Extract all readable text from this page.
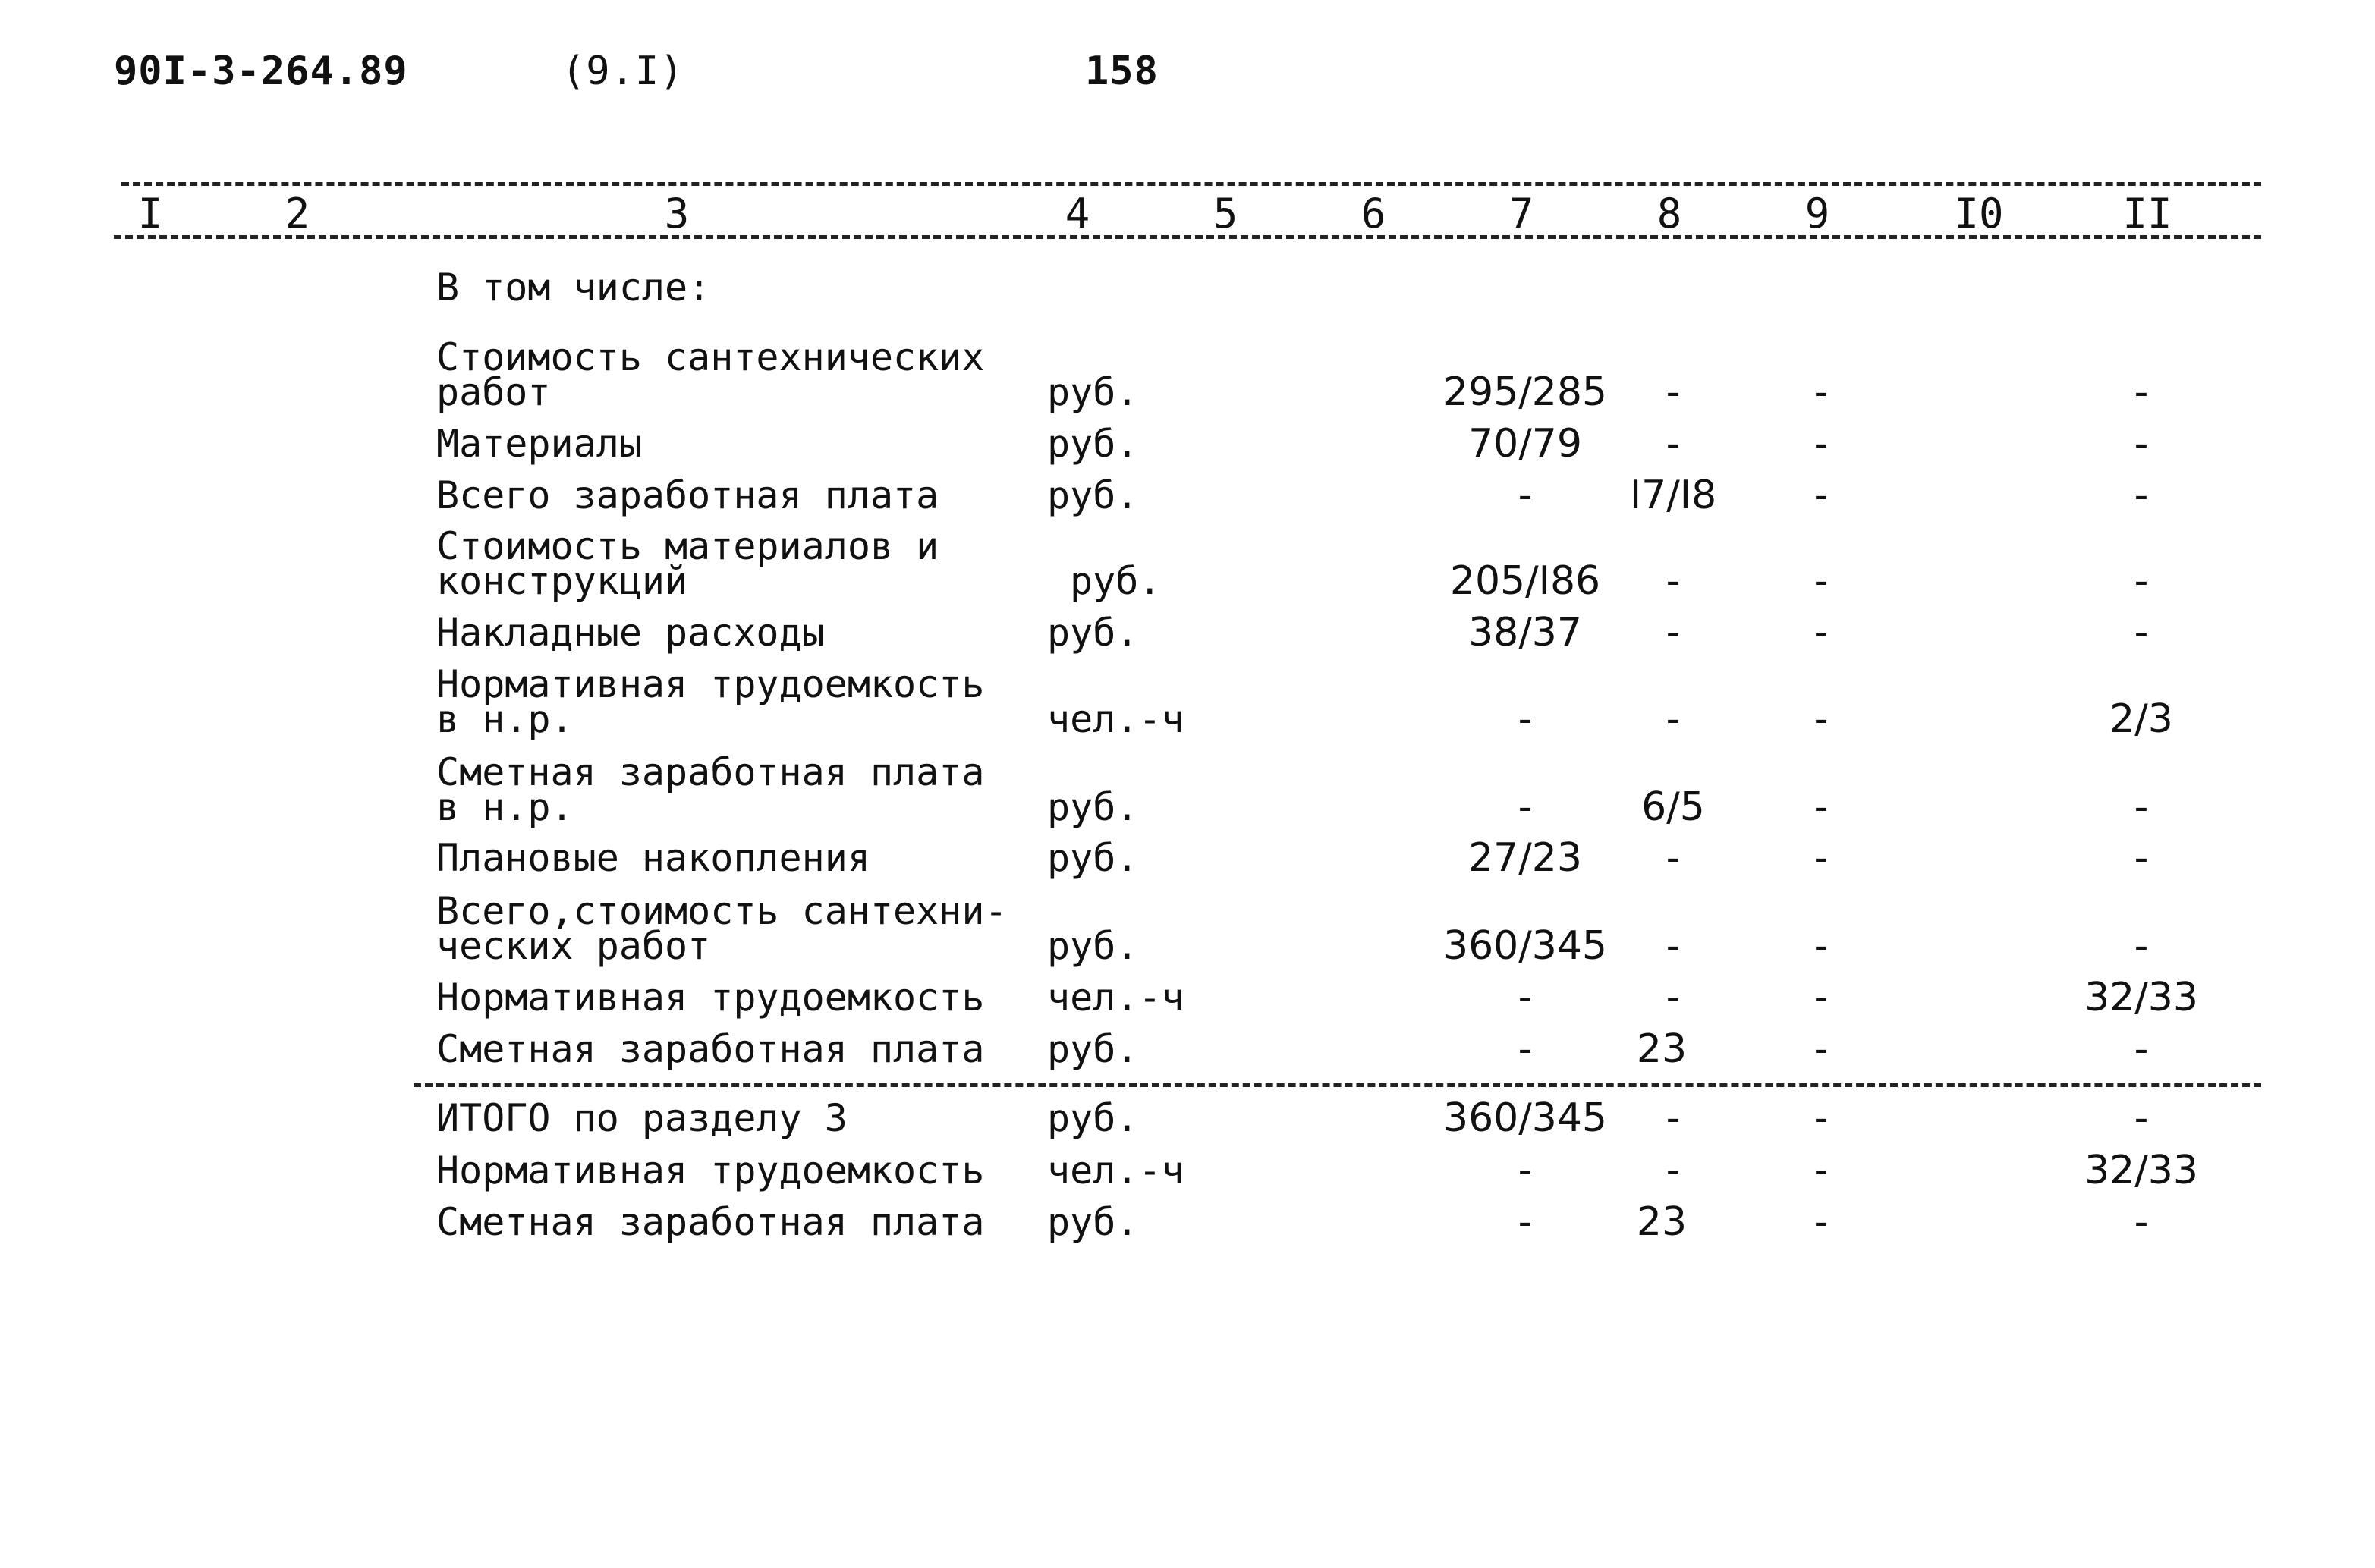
90I-3-264.89	(9.I)	158
I	2	3	4	5	6	7	8	9	I0	II
В том числе:
Стоимость сантехнических
работ	руб.	295/285	-	-	-
Материалы	руб.	70/79	-	-	-
Всего заработная плата	руб.	-	I7/I8	-	-
Стоимость материалов и
конструкций	руб.	205/I86	-	-	-
Накладные расходы	руб.	38/37	-	-	-
Нормативная трудоемкость
в н.р.	чел.-ч	-	-	-	2/3
Сметная заработная плата
в н.р.	руб.	-	6/5	-	-
Плановые накопления	руб.	27/23	-	-	-
Всего,стоимость сантехни-
ческих работ	руб.	360/345	-	-	-
Нормативная трудоемкость	чел.-ч	-	-	-	32/33
Сметная заработная плата	руб.	-	23	-	-
ИТОГО по разделу 3	руб.	360/345	-	-	-
Нормативная трудоемкость	чел.-ч	-	-	-	32/33
Сметная заработная плата	руб.	-	23	-	-
